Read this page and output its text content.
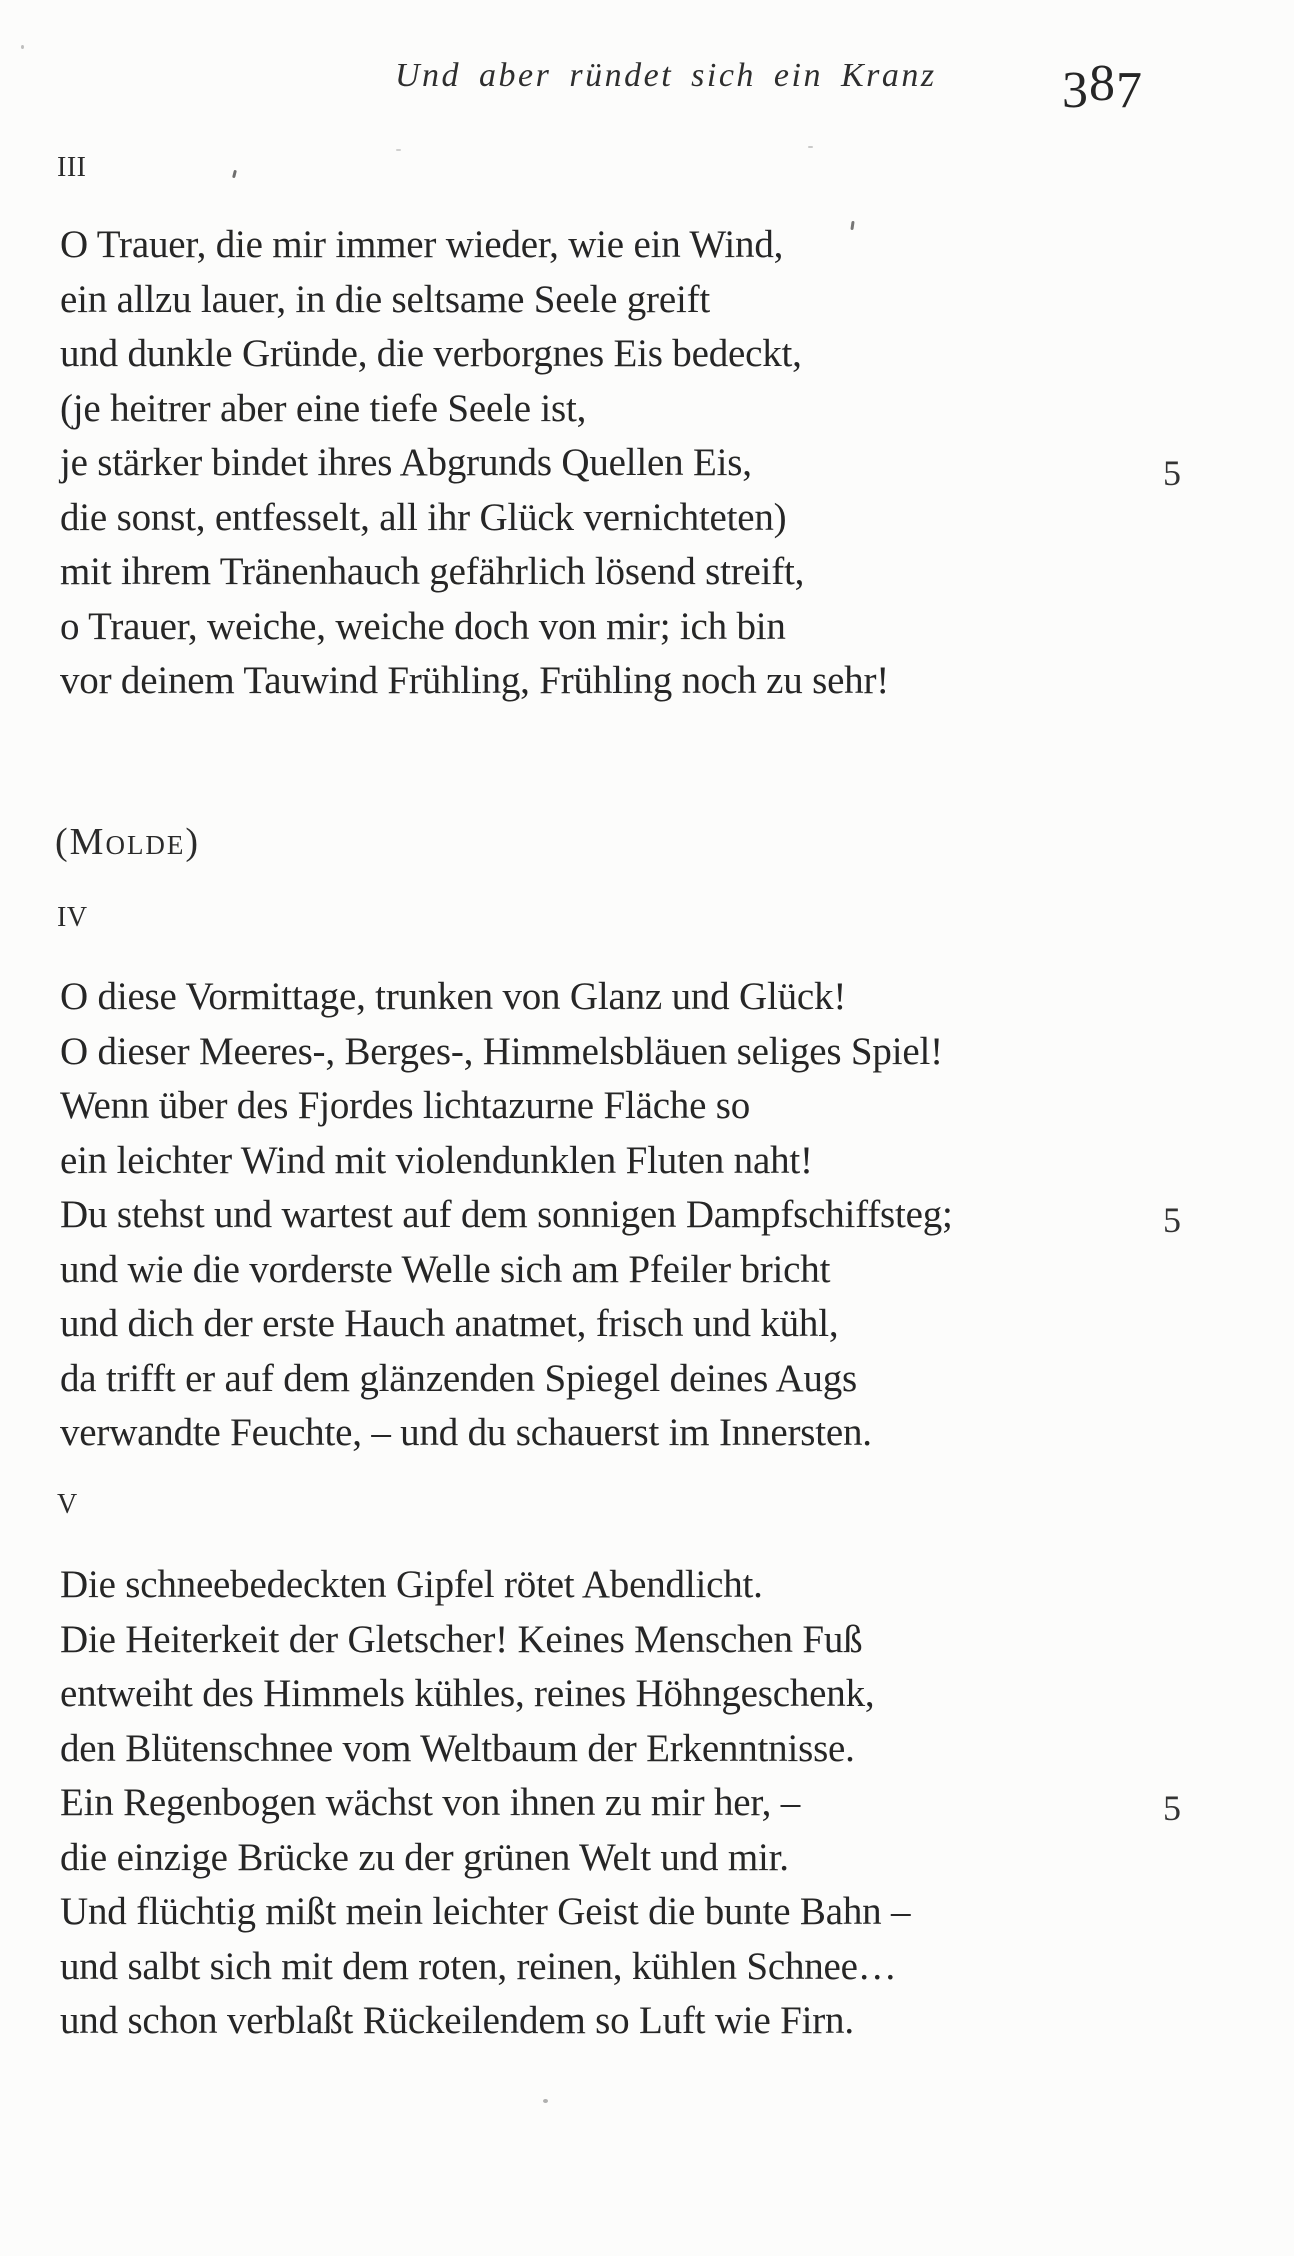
Und aber ründet sich ein Kranz 387
III
O Trauer, die mir immer wieder, wie ein Wind,
ein allzu lauer, in die seltsame Seele greift
und dunkle Gründe, die verborgnes Eis bedeckt,
(je heitrer aber eine tiefe Seele ist,
je stärker bindet ihres Abgrunds Quellen Eis,
die sonst, entfesselt, all ihr Glück vernichteten)
mit ihrem Tränenhauch gefährlich lösend streift,
o Trauer, weiche, weiche doch von mir; ich bin
vor deinem Tauwind Frühling, Frühling noch zu sehr!
5
(Molde)
IV
O diese Vormittage, trunken von Glanz und Glück!
O dieser Meeres-, Berges-, Himmelsbläuen seliges Spiel!
Wenn über des Fjordes lichtazurne Fläche so
ein leichter Wind mit violendunklen Fluten naht!
Du stehst und wartest auf dem sonnigen Dampfschiffsteg;
und wie die vorderste Welle sich am Pfeiler bricht
und dich der erste Hauch anatmet, frisch und kühl,
da trifft er auf dem glänzenden Spiegel deines Augs
verwandte Feuchte, – und du schauerst im Innersten.
5
V
Die schneebedeckten Gipfel rötet Abendlicht.
Die Heiterkeit der Gletscher! Keines Menschen Fuß
entweiht des Himmels kühles, reines Höhngeschenk,
den Blütenschnee vom Weltbaum der Erkenntnisse.
Ein Regenbogen wächst von ihnen zu mir her, –
die einzige Brücke zu der grünen Welt und mir.
Und flüchtig mißt mein leichter Geist die bunte Bahn –
und salbt sich mit dem roten, reinen, kühlen Schnee…
und schon verblaßt Rückeilendem so Luft wie Firn.
5
